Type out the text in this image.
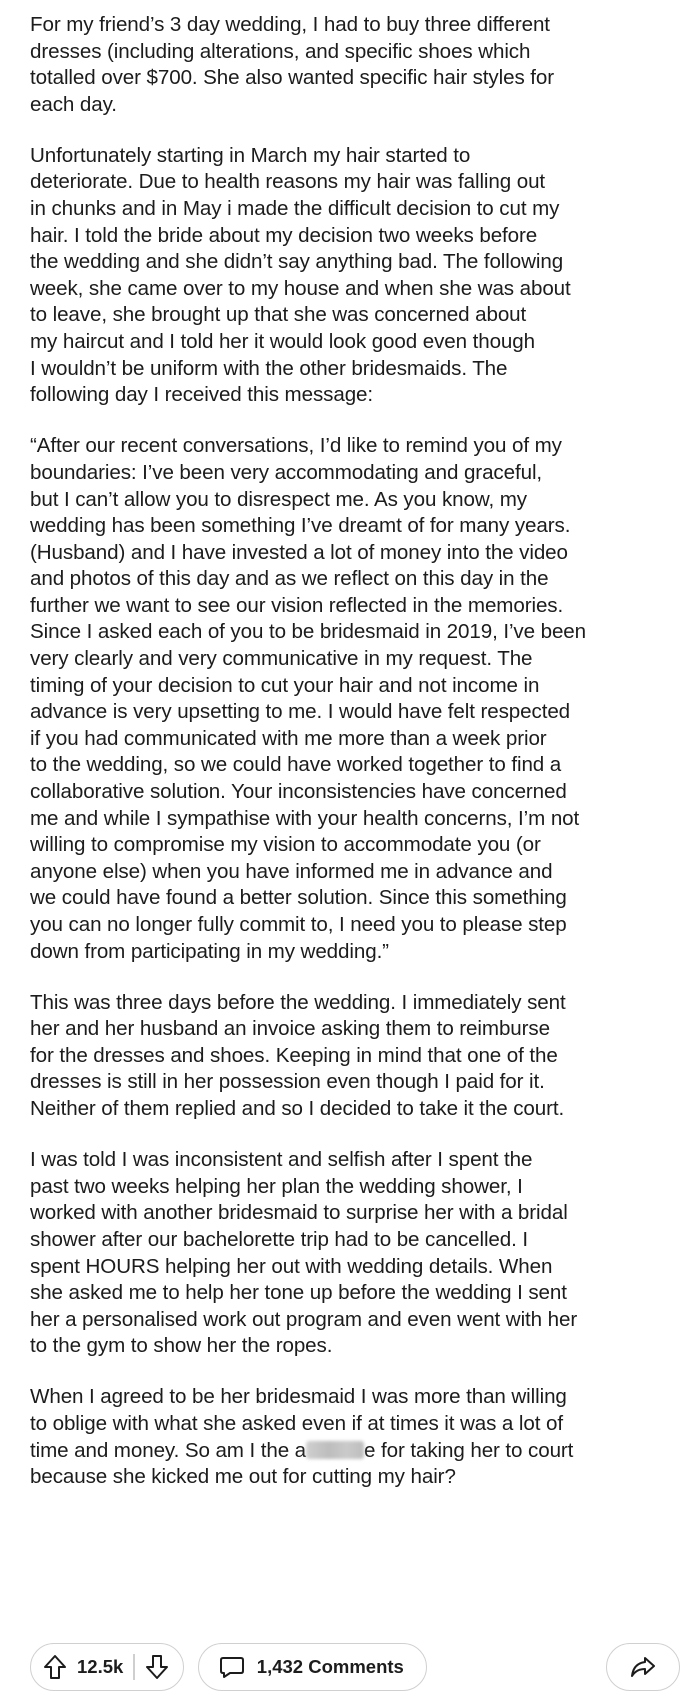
For my friend’s 3 day wedding, I had to buy three different
dresses (including alterations, and specific shoes which
totalled over $700. She also wanted specific hair styles for
each day.

Unfortunately starting in March my hair started to
deteriorate. Due to health reasons my hair was falling out
in chunks and in May i made the difficult decision to cut my
hair. I told the bride about my decision two weeks before
the wedding and she didn’t say anything bad. The following
week, she came over to my house and when she was about
to leave, she brought up that she was concerned about
my haircut and I told her it would look good even though
I wouldn’t be uniform with the other bridesmaids. The
following day I received this message:

“After our recent conversations, I’d like to remind you of my
boundaries: I’ve been very accommodating and graceful,
but I can’t allow you to disrespect me. As you know, my
wedding has been something I’ve dreamt of for many years.
(Husband) and I have invested a lot of money into the video
and photos of this day and as we reflect on this day in the
further we want to see our vision reflected in the memories.
Since I asked each of you to be bridesmaid in 2019, I’ve been
very clearly and very communicative in my request. The
timing of your decision to cut your hair and not income in
advance is very upsetting to me. I would have felt respected
if you had communicated with me more than a week prior
to the wedding, so we could have worked together to find a
collaborative solution. Your inconsistencies have concerned
me and while I sympathise with your health concerns, I’m not
willing to compromise my vision to accommodate you (or
anyone else) when you have informed me in advance and
we could have found a better solution. Since this something
you can no longer fully commit to, I need you to please step
down from participating in my wedding.”

This was three days before the wedding. I immediately sent
her and her husband an invoice asking them to reimburse
for the dresses and shoes. Keeping in mind that one of the
dresses is still in her possession even though I paid for it.
Neither of them replied and so I decided to take it the court.

I was told I was inconsistent and selfish after I spent the
past two weeks helping her plan the wedding shower, I
worked with another bridesmaid to surprise her with a bridal
shower after our bachelorette trip had to be cancelled. I
spent HOURS helping her out with wedding details. When
she asked me to help her tone up before the wedding I sent
her a personalised work out program and even went with her
to the gym to show her the ropes.

When I agreed to be her bridesmaid I was more than willing
to oblige with what she asked even if at times it was a lot of
time and money. So am I the a	e for taking her to court
because she kicked me out for cutting my hair?

12.5k	1,432 Comments
